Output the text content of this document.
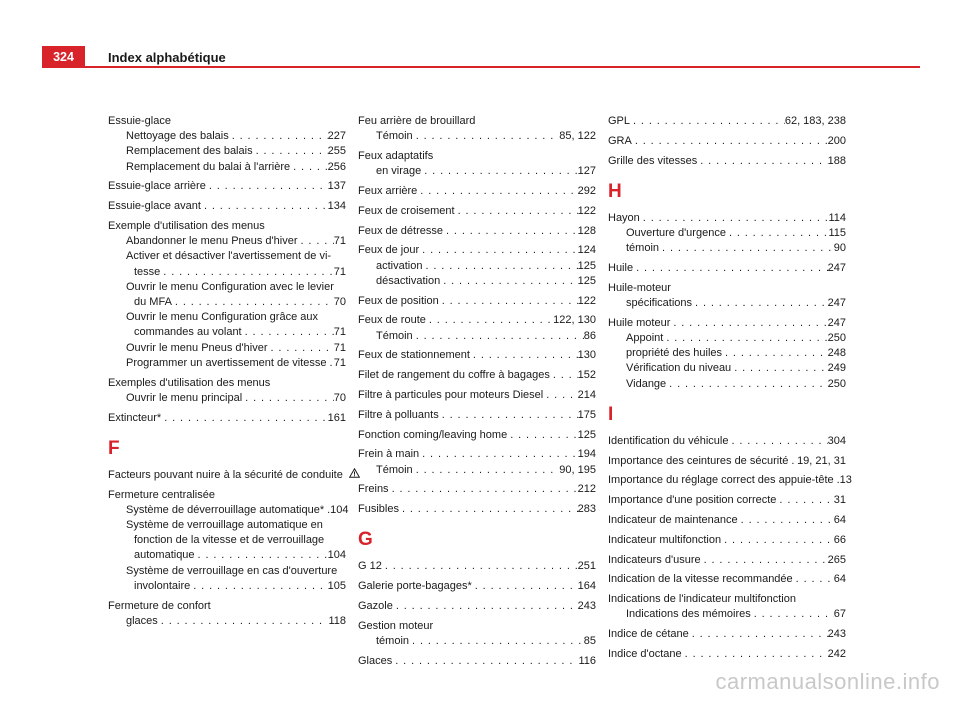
324	Index alphabétique
Essuie-glace
Nettoyage des balais . . .	227
Remplacement des balais . . .	255
Remplacement du balai à l'arrière . . .	256
Essuie-glace arrière . . .	137
Essuie-glace avant . . .	134
Exemple d'utilisation des menus
Abandonner le menu Pneus d'hiver . . .	71
Activer et désactiver l'avertissement de vi-
tesse . . .	71
Ouvrir le menu Configuration avec le levier
du MFA . . .	70
Ouvrir le menu Configuration grâce aux
commandes au volant . . .	71
Ouvrir le menu Pneus d'hiver . . .	71
Programmer un avertissement de vitesse . . . 71
Exemples d'utilisation des menus
Ouvrir le menu principal . . .	70
Extincteur* . . .	161
F
Facteurs pouvant nuire à la sécurité de conduite
Fermeture centralisée
Système de déverrouillage automatique* . . . 104
Système de verrouillage automatique en
fonction de la vitesse et de verrouillage
automatique . . .	104
Système de verrouillage en cas d'ouverture
involontaire . . .	105
Fermeture de confort
glaces . . .	118
Feu arrière de brouillard
Témoin . . .	85, 122
Feux adaptatifs
en virage . . .	127
Feux arrière . . .	292
Feux de croisement . . .	122
Feux de détresse . . .	128
Feux de jour . . .	124
activation . . .	125
désactivation . . .	125
Feux de position . . .	122
Feux de route . . .	122, 130
Témoin . . .	86
Feux de stationnement . . .	130
Filet de rangement du coffre à bagages . . .	152
Filtre à particules pour moteurs Diesel . . .	214
Filtre à polluants . . .	175
Fonction coming/leaving home . . .	125
Frein à main . . .	194
Témoin . . .	90, 195
Freins . . .	212
Fusibles . . .	283
G
G 12 . . .	251
Galerie porte-bagages* . . .	164
Gazole . . .	243
Gestion moteur
témoin . . .	85
Glaces . . .	116
GPL . . .	62, 183, 238
GRA . . .	200
Grille des vitesses . . .	188
H
Hayon . . .	114
Ouverture d'urgence . . .	115
témoin . . .	90
Huile . . .	247
Huile-moteur
spécifications . . .	247
Huile moteur . . .	247
Appoint . . .	250
propriété des huiles . . .	248
Vérification du niveau . . .	249
Vidange . . .	250
I
Identification du véhicule . . .	304
Importance des ceintures de sécurité . . . 19, 21, 31
Importance du réglage correct des appuie-tête . . . 13
Importance d'une position correcte . . .	31
Indicateur de maintenance . . .	64
Indicateur multifonction . . .	66
Indicateurs d'usure . . .	265
Indication de la vitesse recommandée . . .	64
Indications de l'indicateur multifonction
Indications des mémoires . . .	67
Indice de cétane . . .	243
Indice d'octane . . .	242
carmanualsonline.info
